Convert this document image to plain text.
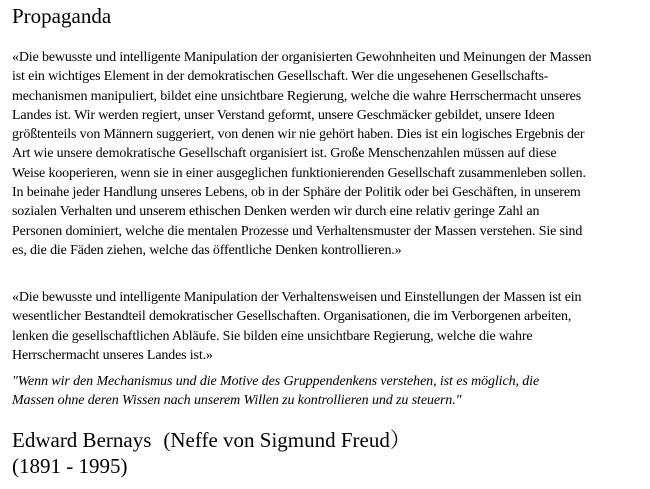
Propaganda
«Die bewusste und intelligente Manipulation der organisierten Gewohnheiten und Meinungen der Massen
ist ein wichtiges Element in der demokratischen Gesellschaft. Wer die ungesehenen Gesellschafts-
mechanismen manipuliert, bildet eine unsichtbare Regierung, welche die wahre Herrschermacht unseres
Landes ist. Wir werden regiert, unser Verstand geformt, unsere Geschmäcker gebildet, unsere Ideen
größtenteils von Männern suggeriert, von denen wir nie gehört haben. Dies ist ein logisches Ergebnis der
Art wie unsere demokratische Gesellschaft organisiert ist. Große Menschenzahlen müssen auf diese
Weise kooperieren, wenn sie in einer ausgeglichen funktionierenden Gesellschaft zusammenleben sollen.
In beinahe jeder Handlung unseres Lebens, ob in der Sphäre der Politik oder bei Geschäften, in unserem
sozialen Verhalten und unserem ethischen Denken werden wir durch eine relativ geringe Zahl an
Personen dominiert, welche die mentalen Prozesse und Verhaltensmuster der Massen verstehen. Sie sind
es, die die Fäden ziehen, welche das öffentliche Denken kontrollieren.»
«Die bewusste und intelligente Manipulation der Verhaltensweisen und Einstellungen der Massen ist ein
wesentlicher Bestandteil demokratischer Gesellschaften. Organisationen, die im Verborgenen arbeiten,
lenken die gesellschaftlichen Abläufe. Sie bilden eine unsichtbare Regierung, welche die wahre
Herrschermacht unseres Landes ist.»
"Wenn wir den Mechanismus und die Motive des Gruppendenkens verstehen, ist es möglich, die
Massen ohne deren Wissen nach unserem Willen zu kontrollieren und zu steuern."
Edward Bernays (Neffe von Sigmund Freud）
(1891 - 1995)
